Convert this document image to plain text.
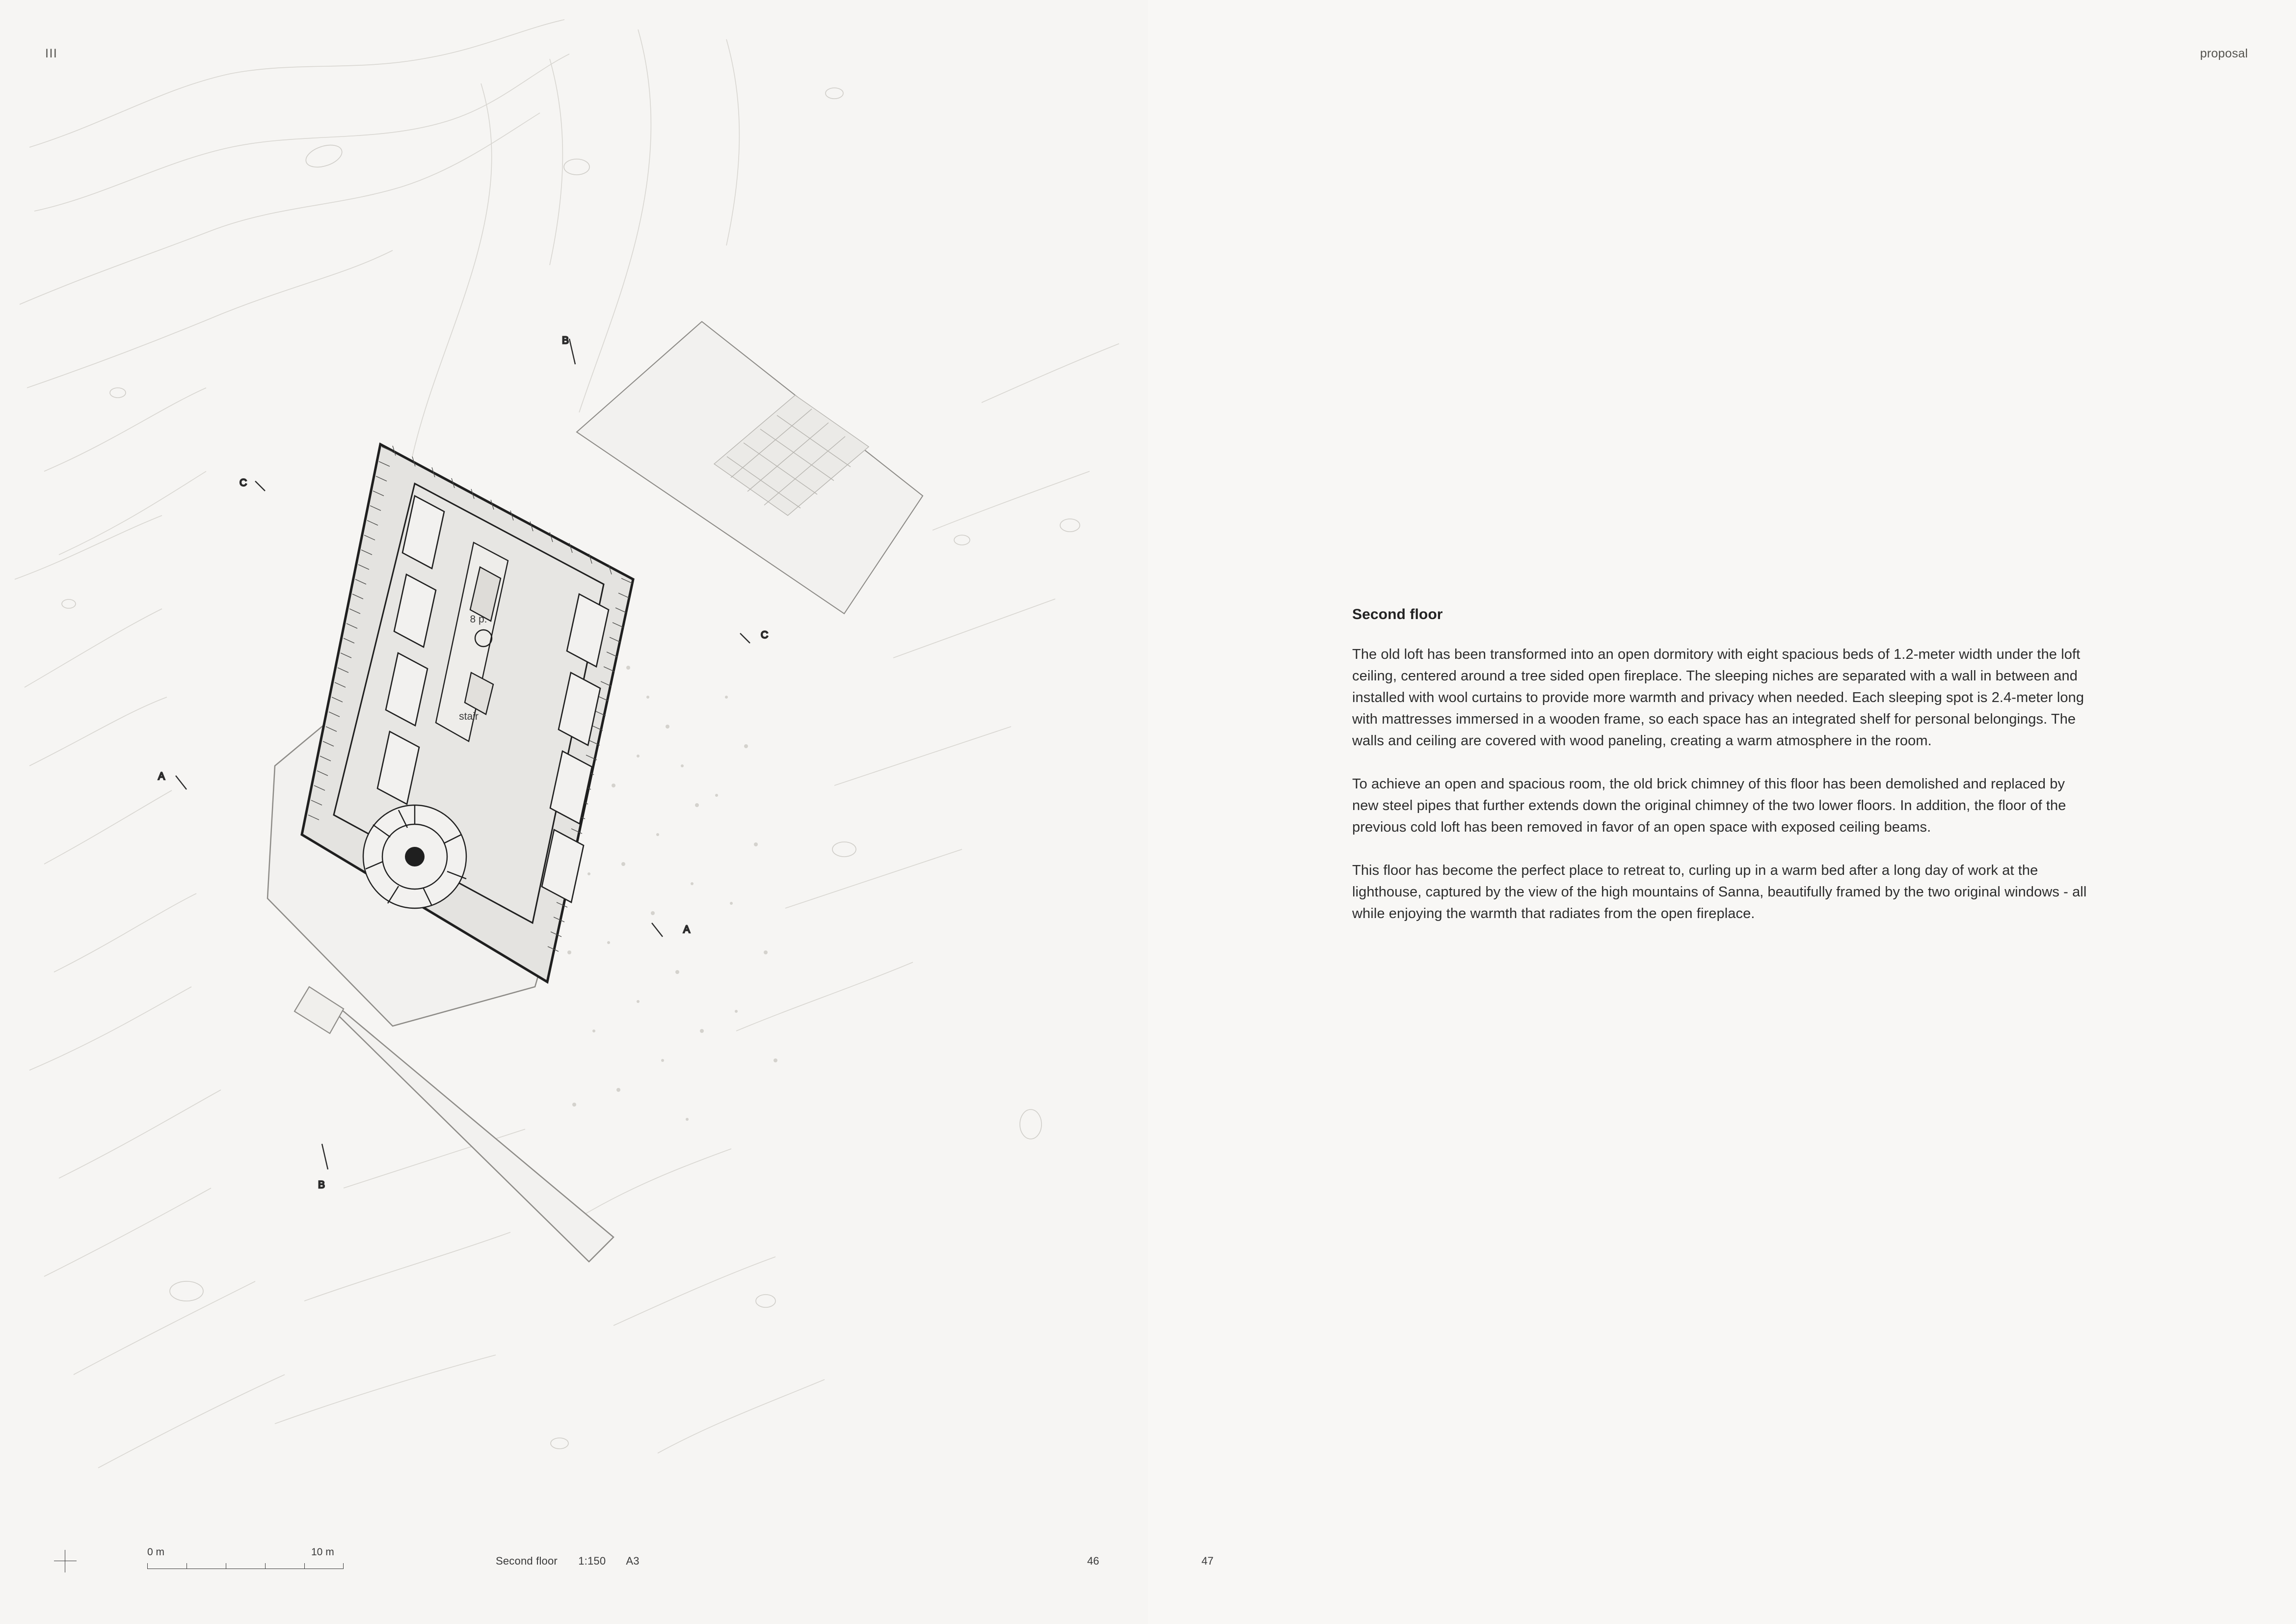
III	proposal
8 p.
stair
B
C
C
A
A
B
Second floor

The old loft has been transformed into an open dormitory with eight spacious beds of 1.2-meter width under the loft ceiling, centered around a tree sided open fireplace. The sleeping niches are separated with a wall in between and installed with wool curtains to provide more warmth and privacy when needed. Each sleeping spot is 2.4-meter long with mattresses immersed in a wooden frame, so each space has an integrated shelf for personal belongings. The walls and ceiling are covered with wood paneling, creating a warm atmosphere in the room.

To achieve an open and spacious room, the old brick chimney of this floor has been demolished and replaced by new steel pipes that further extends down the original chimney of the two lower floors. In addition, the floor of the previous cold loft has been removed in favor of an open space with exposed ceiling beams.

This floor has become the perfect place to retreat to, curling up in a warm bed after a long day of work at the lighthouse, captured by the view of the high mountains of Sanna, beautifully framed by the two original windows - all while enjoying the warmth that radiates from the open fireplace.

0 m	10 m
Second floor 1:150 A3	46	47
